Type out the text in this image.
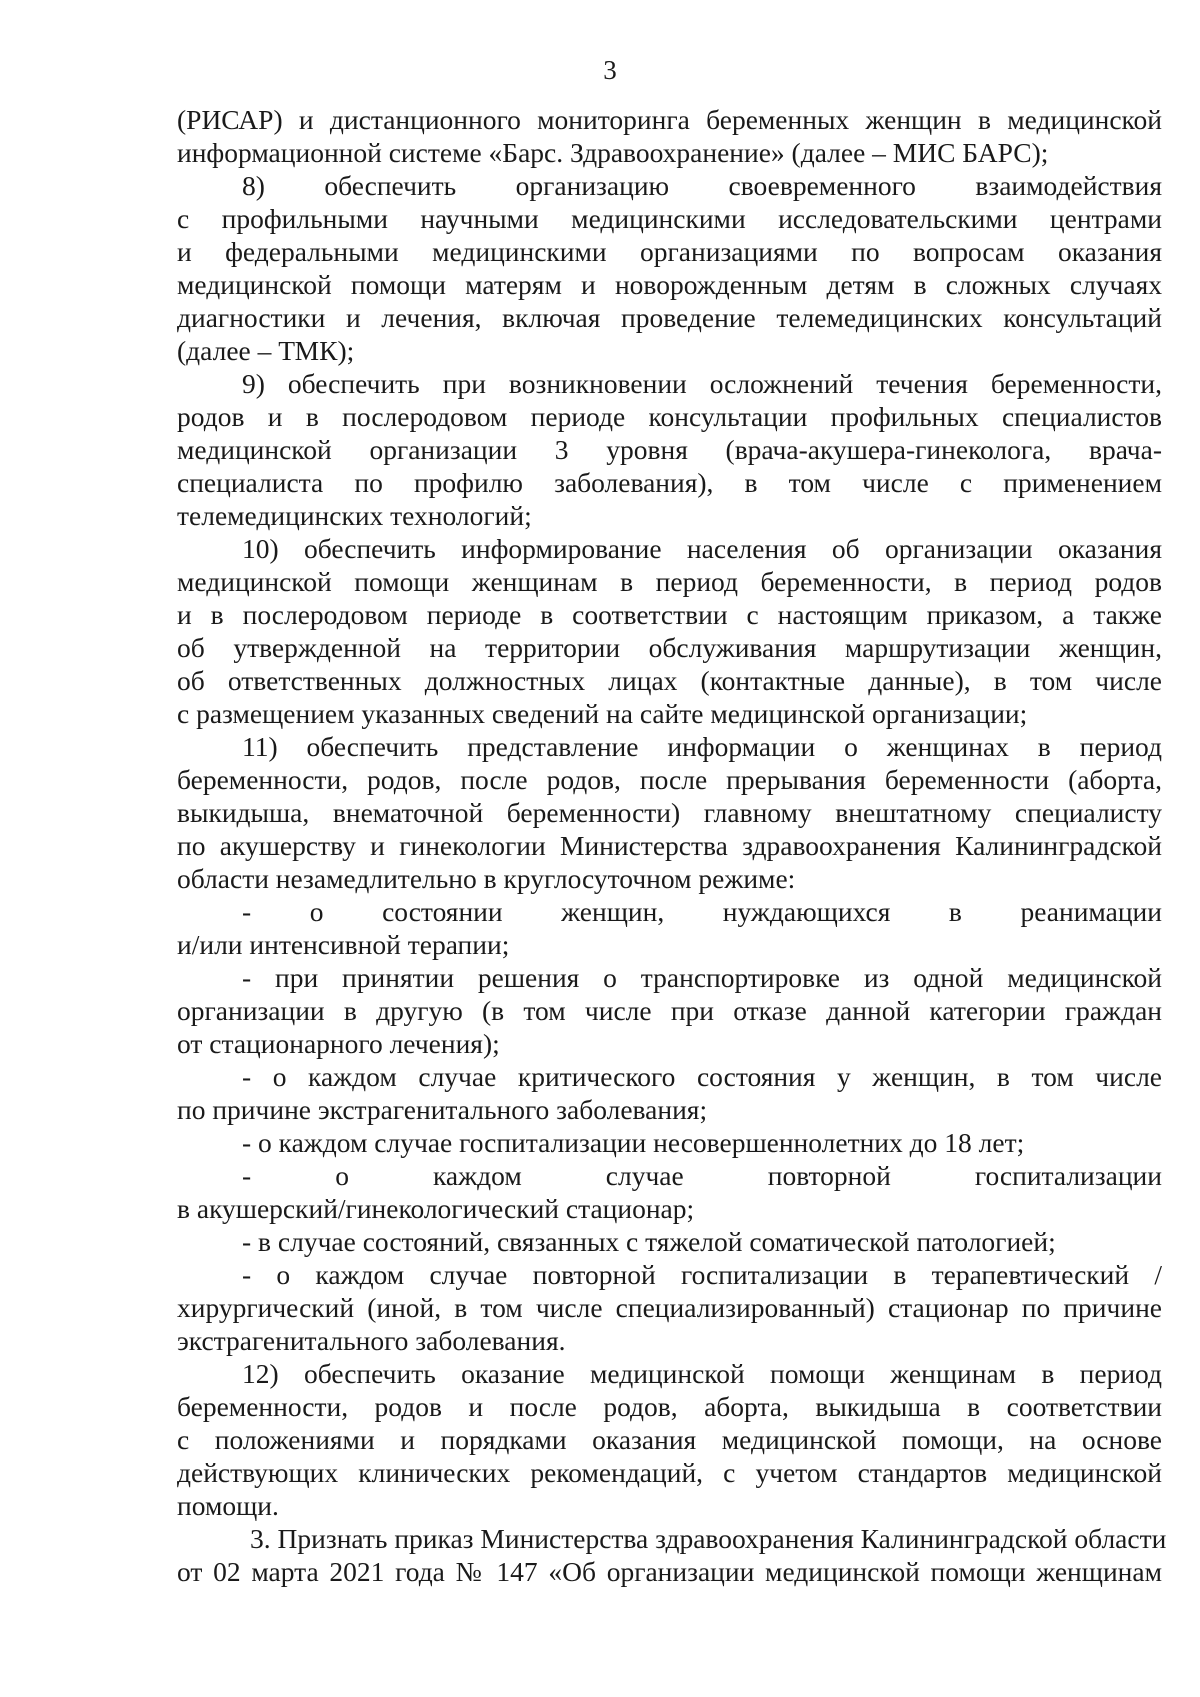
3
(РИСАР) и дистанционного мониторинга беременных женщин в медицинской
информационной системе «Барс. Здравоохранение» (далее – МИС БАРС);
8) обеспечить организацию своевременного взаимодействия
с профильными научными медицинскими исследовательскими центрами
и федеральными медицинскими организациями по вопросам оказания
медицинской помощи матерям и новорожденным детям в сложных случаях
диагностики и лечения, включая проведение телемедицинских консультаций
(далее – ТМК);
9) обеспечить при возникновении осложнений течения беременности,
родов и в послеродовом периоде консультации профильных специалистов
медицинской организации 3 уровня (врача-акушера-гинеколога, врача-
специалиста по профилю заболевания), в том числе с применением
телемедицинских технологий;
10) обеспечить информирование населения об организации оказания
медицинской помощи женщинам в период беременности, в период родов
и в послеродовом периоде в соответствии с настоящим приказом, а также
об утвержденной на территории обслуживания маршрутизации женщин,
об ответственных должностных лицах (контактные данные), в том числе
с размещением указанных сведений на сайте медицинской организации;
11) обеспечить представление информации о женщинах в период
беременности, родов, после родов, после прерывания беременности (аборта,
выкидыша, внематочной беременности) главному внештатному специалисту
по акушерству и гинекологии Министерства здравоохранения Калининградской
области незамедлительно в круглосуточном режиме:
- о состоянии женщин, нуждающихся в реанимации
и/или интенсивной терапии;
- при принятии решения о транспортировке из одной медицинской
организации в другую (в том числе при отказе данной категории граждан
от стационарного лечения);
- о каждом случае критического состояния у женщин, в том числе
по причине экстрагенитального заболевания;
- о каждом случае госпитализации несовершеннолетних до 18 лет;
- о каждом случае повторной госпитализации
в акушерский/гинекологический стационар;
- в случае состояний, связанных с тяжелой соматической патологией;
- о каждом случае повторной госпитализации в терапевтический /
хирургический (иной, в том числе специализированный) стационар по причине
экстрагенитального заболевания.
12) обеспечить оказание медицинской помощи женщинам в период
беременности, родов и после родов, аборта, выкидыша в соответствии
с положениями и порядками оказания медицинской помощи, на основе
действующих клинических рекомендаций, с учетом стандартов медицинской
помощи.
3. Признать приказ Министерства здравоохранения Калининградской области
от 02 марта 2021 года № 147 «Об организации медицинской помощи женщинам
